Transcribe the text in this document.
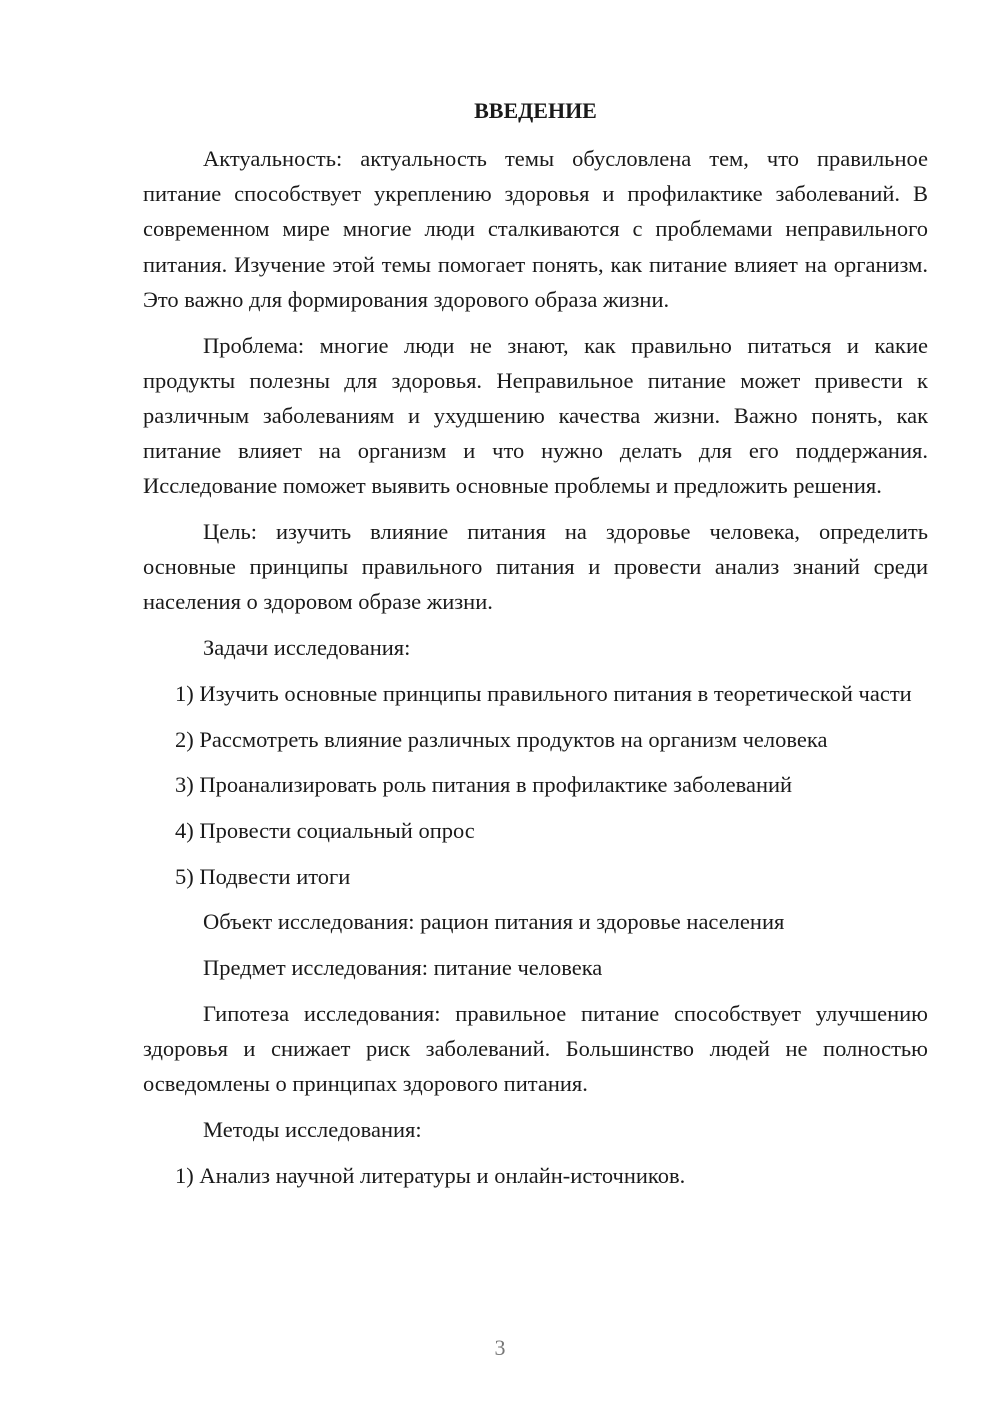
ВВЕДЕНИЕ

Актуальность: актуальность темы обусловлена тем, что правильное питание способствует укреплению здоровья и профилактике заболеваний. В современном мире многие люди сталкиваются с проблемами неправильного питания. Изучение этой темы помогает понять, как питание влияет на организм. Это важно для формирования здорового образа жизни.

Проблема: многие люди не знают, как правильно питаться и какие продукты полезны для здоровья. Неправильное питание может привести к различным заболеваниям и ухудшению качества жизни. Важно понять, как питание влияет на организм и что нужно делать для его поддержания. Исследование поможет выявить основные проблемы и предложить решения.

Цель: изучить влияние питания на здоровье человека, определить основные принципы правильного питания и провести анализ знаний среди населения о здоровом образе жизни.

Задачи исследования:

1) Изучить основные принципы правильного питания в теоретической части

2) Рассмотреть влияние различных продуктов на организм человека

3) Проанализировать роль питания в профилактике заболеваний

4) Провести социальный опрос

5) Подвести итоги

Объект исследования: рацион питания и здоровье населения

Предмет исследования: питание человека

Гипотеза исследования: правильное питание способствует улучшению здоровья и снижает риск заболеваний. Большинство людей не полностью осведомлены о принципах здорового питания.

Методы исследования:

1) Анализ научной литературы и онлайн-источников.

3
